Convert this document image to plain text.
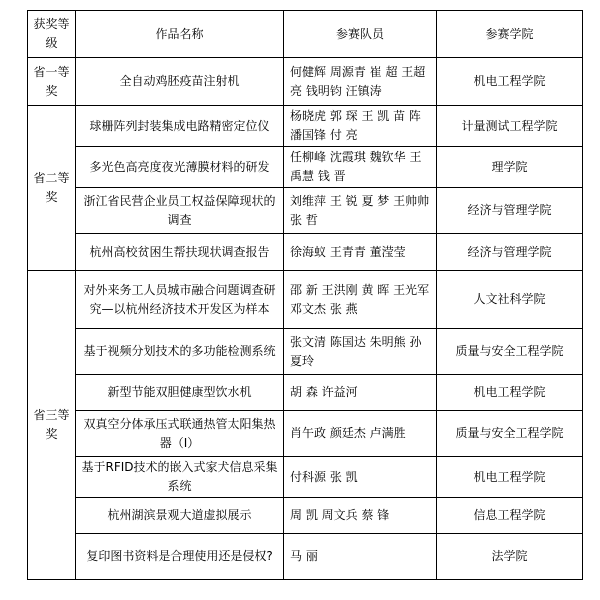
获奖等级	作品名称	参赛队员	参赛学院
省一等奖	全自动鸡胚疫苗注射机	何健辉 周源青 崔 超 王超亮 钱明钧 汪镇涛	机电工程学院
省二等奖	球栅阵列封装集成电路精密定位仪	杨晓虎 郭 琛 王 凯 苗 阵 潘国锋 付 亮	计量测试工程学院
	多光色高亮度夜光薄膜材料的研发	任柳峰 沈霞琪 魏钦华 王禹慧 钱 晋	理学院
	浙江省民营企业员工权益保障现状的调查	刘维萍 王 锐 夏 梦 王帅帅 张 哲	经济与管理学院
	杭州高校贫困生帮扶现状调查报告	徐海蚁 王青青 董滢莹	经济与管理学院
省三等奖	对外来务工人员城市融合问题调查研究—以杭州经济技术开发区为样本	邵 新 王洪刚 黄 晖 王光军 邓文杰 张 燕	人文社科学院
	基于视频分划技术的多功能检测系统	张文清 陈国达 朱明熊 孙夏玲	质量与安全工程学院
	新型节能双胆健康型饮水机	胡 森 许益河	机电工程学院
	双真空分体承压式联通热管太阳集热器（I）	肖午政 颜廷杰 卢满胜	质量与安全工程学院
	基于RFID技术的嵌入式家犬信息采集系统	付科源 张 凯	机电工程学院
	杭州湖滨景观大道虚拟展示	周 凯 周文兵 蔡 锋	信息工程学院
	复印图书资料是合理使用还是侵权?	马 丽	法学院
